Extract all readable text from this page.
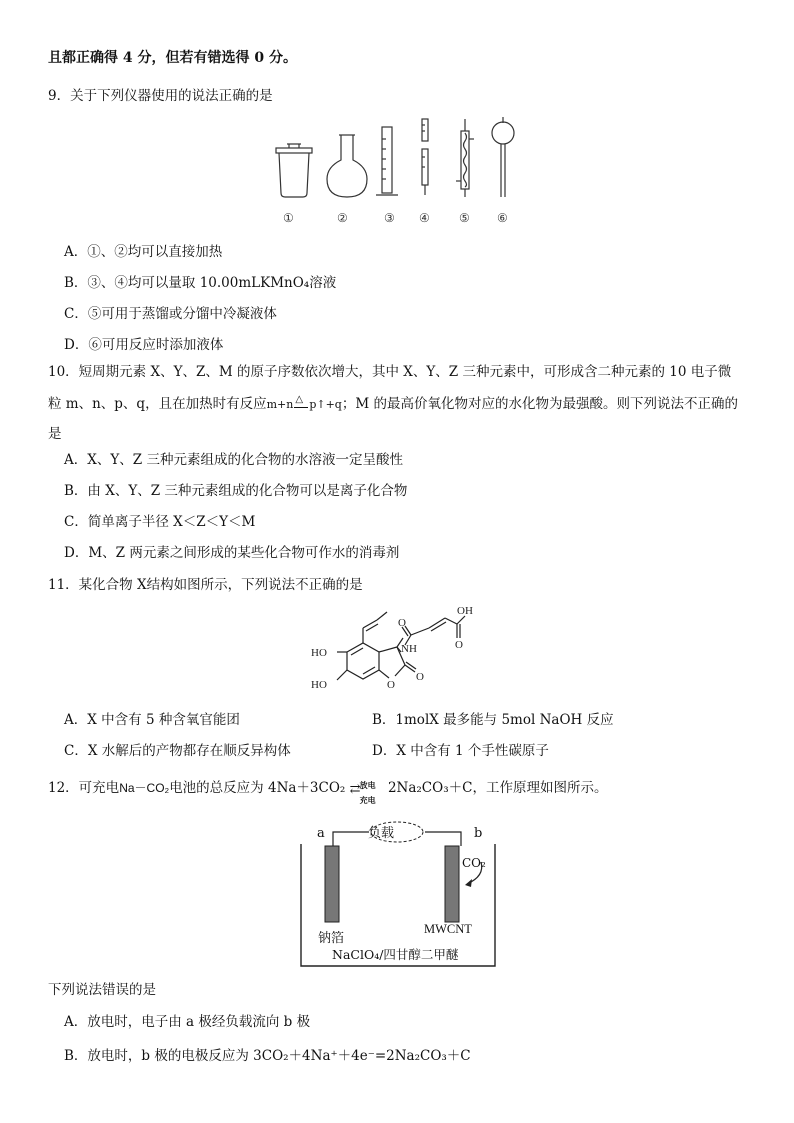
且都正确得 4 分，但若有错选得 0 分。
9．关于下列仪器使用的说法正确的是
①	②	③ ④ ⑤ ⑥
A．①、②均可以直接加热
B．③、④均可以量取 10.00mLKMnO₄溶液
C．⑤可用于蒸馏或分馏中冷凝液体
D．⑥可用反应时添加液体
10．短周期元素 X、Y、Z、M 的原子序数依次增大，其中 X、Y、Z 三种元素中，可形成含二种元素的 10 电子微
粒 m、n、p、q，且在加热时有反应m+n △ p↑+q；M 的最高价氧化物对应的水化物为最强酸。则下列说法不正确的
是
A．X、Y、Z 三种元素组成的化合物的水溶液一定呈酸性
B．由 X、Y、Z 三种元素组成的化合物可以是离子化合物
C．简单离子半径 X＜Z＜Y＜M
D．M、Z 两元素之间形成的某些化合物可作水的消毒剂
11．某化合物 X结构如图所示，下列说法不正确的是
OH
O
NH
HO
HO	O
O
O
A．X 中含有 5 种含氧官能团	B．1molX 最多能与 5mol NaOH 反应
C．X 水解后的产物都存在顺反异构体	D．X 中含有 1 个手性碳原子
12．可充电Na－CO₂电池的总反应为 4Na＋3CO₂ 放电
充电
⇄ 2Na₂CO₃＋C，工作原理如图所示。
负载
a	b
CO₂
钠箔
MWCNT
NaClO₄/四甘醇二甲醚
下列说法错误的是
A．放电时，电子由 a 极经负载流向 b 极
B．放电时，b 极的电极反应为 3CO₂＋4Na⁺＋4e⁻=2Na₂CO₃＋C
